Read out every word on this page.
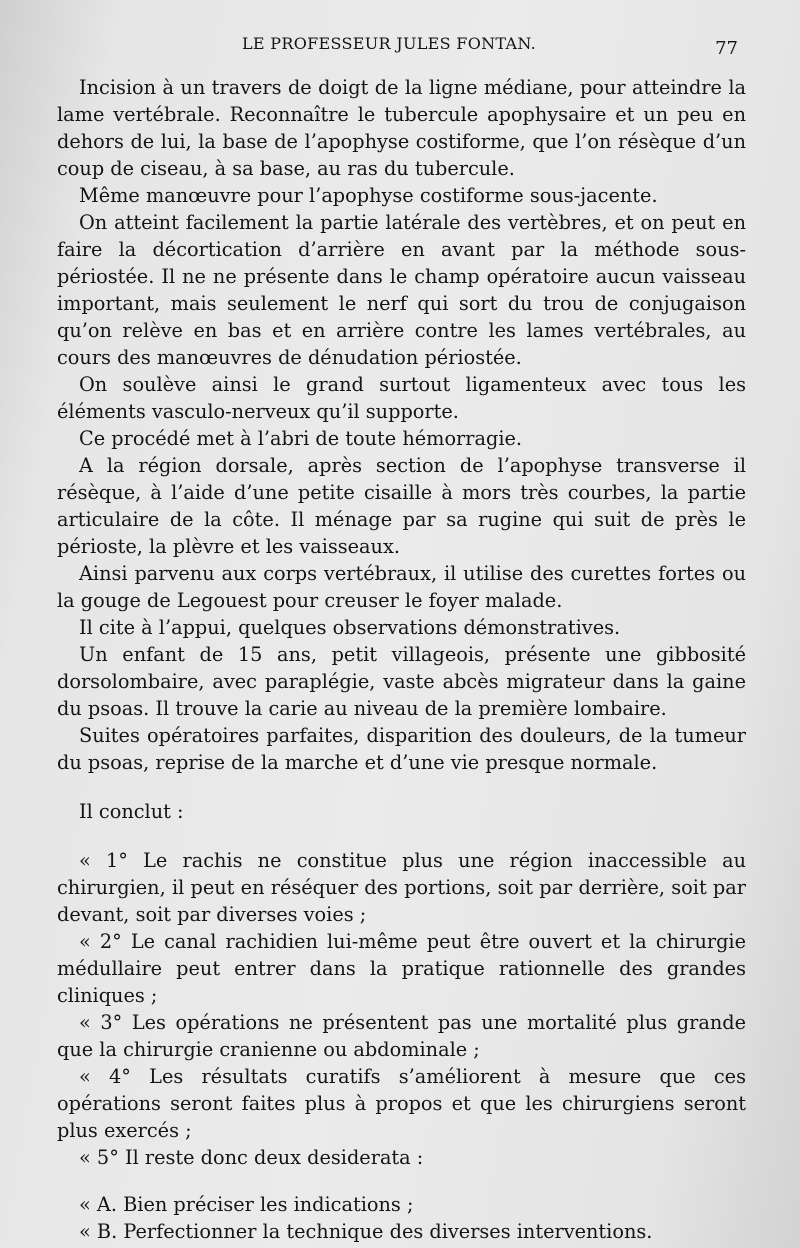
LE PROFESSEUR JULES FONTAN.	77

Incision à un travers de doigt de la ligne médiane, pour atteindre la lame vertébrale. Reconnaître le tubercule apophysaire et un peu en dehors de lui, la base de l’apophyse costiforme, que l’on résèque d’un coup de ciseau, à sa base, au ras du tubercule.

Même manœuvre pour l’apophyse costiforme sous-jacente.

On atteint facilement la partie latérale des vertèbres, et on peut en faire la décortication d’arrière en avant par la méthode sous-périostée. Il ne ne présente dans le champ opératoire aucun vaisseau important, mais seulement le nerf qui sort du trou de conjugaison qu’on relève en bas et en arrière contre les lames vertébrales, au cours des manœuvres de dénudation périostée.

On soulève ainsi le grand surtout ligamenteux avec tous les éléments vasculo-nerveux qu’il supporte.

Ce procédé met à l’abri de toute hémorragie.

A la région dorsale, après section de l’apophyse transverse il résèque, à l’aide d’une petite cisaille à mors très courbes, la partie articulaire de la côte. Il ménage par sa rugine qui suit de près le périoste, la plèvre et les vaisseaux.

Ainsi parvenu aux corps vertébraux, il utilise des curettes fortes ou la gouge de Legouest pour creuser le foyer malade.

Il cite à l’appui, quelques observations démonstratives.

Un enfant de 15 ans, petit villageois, présente une gibbosité dorsolombaire, avec paraplégie, vaste abcès migrateur dans la gaine du psoas. Il trouve la carie au niveau de la première lombaire.

Suites opératoires parfaites, disparition des douleurs, de la tumeur du psoas, reprise de la marche et d’une vie presque normale.

Il conclut :

« 1° Le rachis ne constitue plus une région inaccessible au chirurgien, il peut en réséquer des portions, soit par derrière, soit par devant, soit par diverses voies ;

« 2° Le canal rachidien lui-même peut être ouvert et la chirurgie médullaire peut entrer dans la pratique rationnelle des grandes cliniques ;

« 3° Les opérations ne présentent pas une mortalité plus grande que la chirurgie cranienne ou abdominale ;

« 4° Les résultats curatifs s’améliorent à mesure que ces opérations seront faites plus à propos et que les chirurgiens seront plus exercés ;

« 5° Il reste donc deux desiderata :

« A. Bien préciser les indications ;

« B. Perfectionner la technique des diverses interventions.
